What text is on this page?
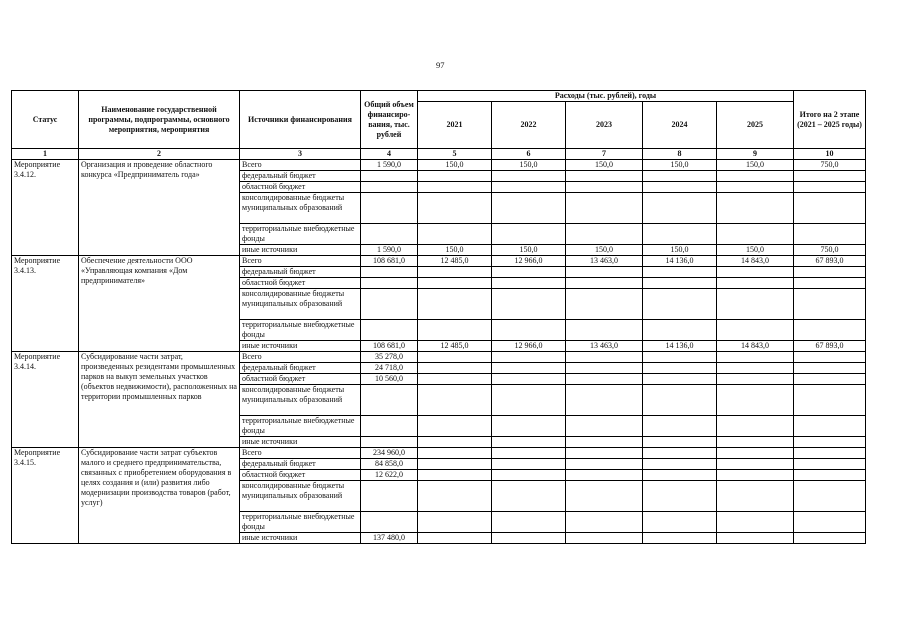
97
Статус	Наименование государственной программы, подпрограммы, основного мероприятия, мероприятия	Источники финансирования	Общий объем финансиро-вания, тыс. рублей	Расходы (тыс. рублей), годы					Итого на 2 этапе (2021 – 2025 годы)
				2021	2022	2023	2024	2025	
1	2	3	4	5	6	7	8	9	10
Мероприятие 3.4.12.	Организация и проведение областного конкурса «Предприниматель года»	Всего	1 590,0	150,0	150,0	150,0	150,0	150,0	750,0
		федеральный бюджет							
		областной бюджет							
		консолидированные бюджеты муниципальных образований							
		территориальные внебюджетные фонды							
		иные источники	1 590,0	150,0	150,0	150,0	150,0	150,0	750,0
Мероприятие 3.4.13.	Обеспечение деятельности ООО «Управляющая компания «Дом предпринимателя»	Всего	108 681,0	12 485,0	12 966,0	13 463,0	14 136,0	14 843,0	67 893,0
		федеральный бюджет							
		областной бюджет							
		консолидированные бюджеты муниципальных образований							
		территориальные внебюджетные фонды							
		иные источники	108 681,0	12 485,0	12 966,0	13 463,0	14 136,0	14 843,0	67 893,0
Мероприятие 3.4.14.	Субсидирование части затрат, произведенных резидентами промышленных парков на выкуп земельных участков (объектов недвижимости), расположенных на территории промышленных парков	Всего	35 278,0						
		федеральный бюджет	24 718,0						
		областной бюджет	10 560,0						
		консолидированные бюджеты муниципальных образований							
		территориальные внебюджетные фонды							
		иные источники							
Мероприятие 3.4.15.	Субсидирование части затрат субъектов малого и среднего предпринимательства, связанных с приобретением оборудования в целях создания и (или) развития либо модернизации производства товаров (работ, услуг)	Всего	234 960,0						
		федеральный бюджет	84 858,0						
		областной бюджет	12 622,0						
		консолидированные бюджеты муниципальных образований							
		территориальные внебюджетные фонды							
		иные источники	137 480,0						
